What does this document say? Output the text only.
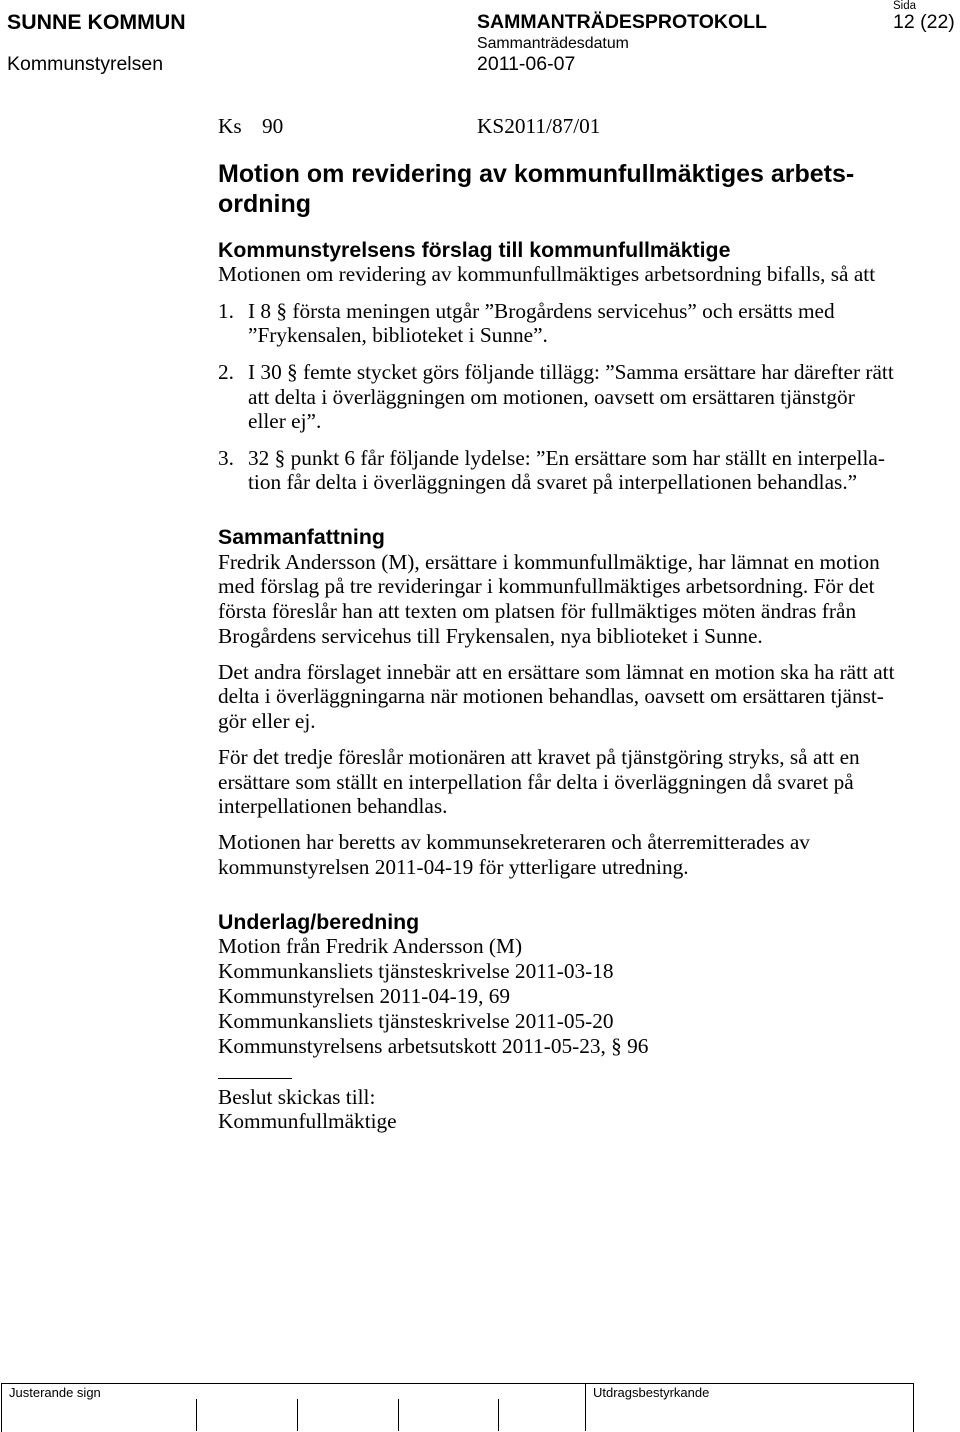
SUNNE KOMMUN
Kommunstyrelsen
SAMMANTRÄDESPROTOKOLL
Sammanträdesdatum
2011-06-07
Sida
12 (22)
Ks 90	KS2011/87/01
Motion om revidering av kommunfullmäktiges arbets-
ordning
Kommunstyrelsens förslag till kommunfullmäktige
Motionen om revidering av kommunfullmäktiges arbetsordning bifalls, så att
1. I 8 § första meningen utgår ”Brogårdens servicehus” och ersätts med
”Frykensalen, biblioteket i Sunne”.
2. I 30 § femte stycket görs följande tillägg: ”Samma ersättare har därefter rätt
att delta i överläggningen om motionen, oavsett om ersättaren tjänstgör
eller ej”.
3. 32 § punkt 6 får följande lydelse: ”En ersättare som har ställt en interpella-
tion får delta i överläggningen då svaret på interpellationen behandlas.”
Sammanfattning
Fredrik Andersson (M), ersättare i kommunfullmäktige, har lämnat en motion
med förslag på tre revideringar i kommunfullmäktiges arbetsordning. För det
första föreslår han att texten om platsen för fullmäktiges möten ändras från
Brogårdens servicehus till Frykensalen, nya biblioteket i Sunne.
Det andra förslaget innebär att en ersättare som lämnat en motion ska ha rätt att
delta i överläggningarna när motionen behandlas, oavsett om ersättaren tjänst-
gör eller ej.
För det tredje föreslår motionären att kravet på tjänstgöring stryks, så att en
ersättare som ställt en interpellation får delta i överläggningen då svaret på
interpellationen behandlas.
Motionen har beretts av kommunsekreteraren och återremitterades av
kommunstyrelsen 2011-04-19 för ytterligare utredning.
Underlag/beredning
Motion från Fredrik Andersson (M)
Kommunkansliets tjänsteskrivelse 2011-03-18
Kommunstyrelsen 2011-04-19, 69
Kommunkansliets tjänsteskrivelse 2011-05-20
Kommunstyrelsens arbetsutskott 2011-05-23, § 96
Beslut skickas till:
Kommunfullmäktige
Justerande sign	Utdragsbestyrkande
